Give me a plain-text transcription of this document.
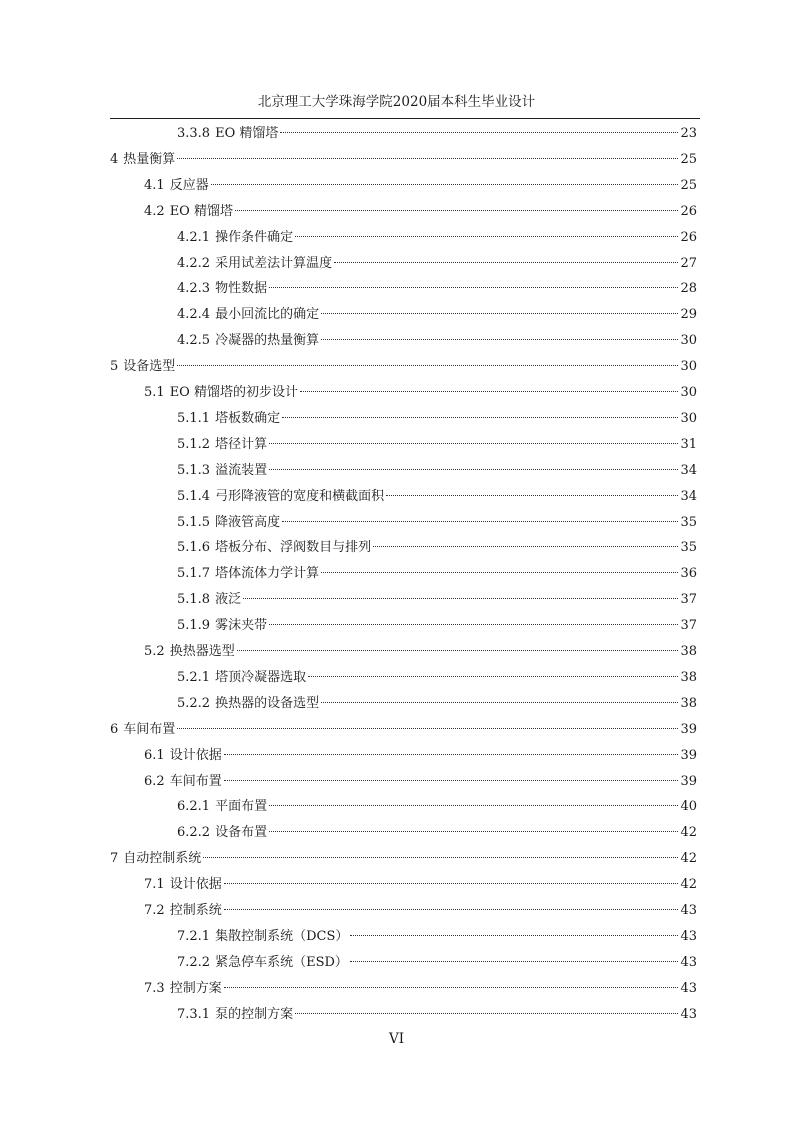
北京理工大学珠海学院2020届本科生毕业设计
3.3.8 EO 精馏塔	23
4 热量衡算	25
4.1 反应器	25
4.2 EO 精馏塔	26
4.2.1 操作条件确定	26
4.2.2 采用试差法计算温度	27
4.2.3 物性数据	28
4.2.4 最小回流比的确定	29
4.2.5 冷凝器的热量衡算	30
5 设备选型	30
5.1 EO 精馏塔的初步设计	30
5.1.1 塔板数确定	30
5.1.2 塔径计算	31
5.1.3 溢流装置	34
5.1.4 弓形降液管的宽度和横截面积	34
5.1.5 降液管高度	35
5.1.6 塔板分布、浮阀数目与排列	35
5.1.7 塔体流体力学计算	36
5.1.8 液泛	37
5.1.9 雾沫夹带	37
5.2 换热器选型	38
5.2.1 塔顶冷凝器选取	38
5.2.2 换热器的设备选型	38
6 车间布置	39
6.1 设计依据	39
6.2 车间布置	39
6.2.1 平面布置	40
6.2.2 设备布置	42
7 自动控制系统	42
7.1 设计依据	42
7.2 控制系统	43
7.2.1 集散控制系统（DCS）	43
7.2.2 紧急停车系统（ESD）	43
7.3 控制方案	43
7.3.1 泵的控制方案	43
VI
